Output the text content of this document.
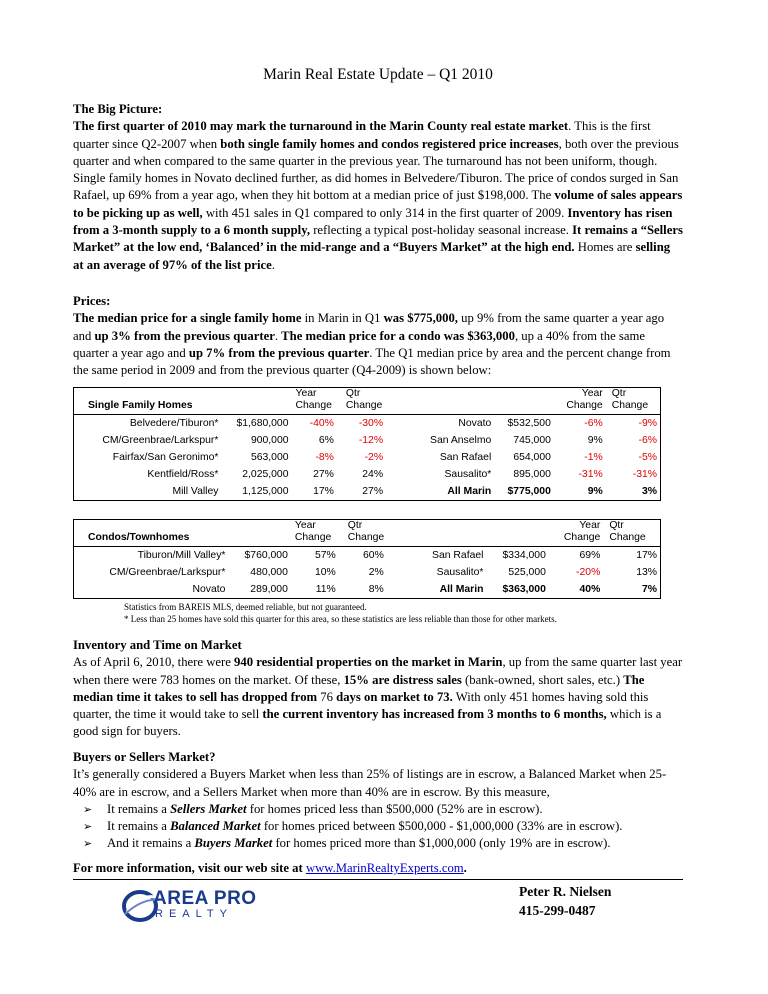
Marin Real Estate Update – Q1 2010
The Big Picture:

The first quarter of 2010 may mark the turnaround in the Marin County real estate market. This is the first quarter since Q2-2007 when both single family homes and condos registered price increases, both over the previous quarter and when compared to the same quarter in the previous year. The turnaround has not been uniform, though. Single family homes in Novato declined further, as did homes in Belvedere/Tiburon. The price of condos surged in San Rafael, up 69% from a year ago, when they hit bottom at a median price of just $198,000. The volume of sales appears to be picking up as well, with 451 sales in Q1 compared to only 314 in the first quarter of 2009. Inventory has risen from a 3-month supply to a 6 month supply, reflecting a typical post-holiday seasonal increase. It remains a “Sellers Market” at the low end, ‘Balanced’ in the mid-range and a “Buyers Market” at the high end. Homes are selling at an average of 97% of the list price.

Prices:

The median price for a single family home in Marin in Q1 was $775,000, up 9% from the same quarter a year ago and up 3% from the previous quarter. The median price for a condo was $363,000, up a 40% from the same quarter a year ago and up 7% from the previous quarter. The Q1 median price by area and the percent change from the same period in 2009 and from the previous quarter (Q4-2009) is shown below:

Single Family Homes		Year
Change	Qtr
Change			Year
Change	Qtr
Change
Belvedere/Tiburon*	$1,680,000	-40%	-30%	Novato	$532,500	-6%	-9%
CM/Greenbrae/Larkspur*	900,000	6%	-12%	San Anselmo	745,000	9%	-6%
Fairfax/San Geronimo*	563,000	-8%	-2%	San Rafael	654,000	-1%	-5%
Kentfield/Ross*	2,025,000	27%	24%	Sausalito*	895,000	-31%	-31%
Mill Valley	1,125,000	17%	27%	All Marin	$775,000	9%	3%
Condos/Townhomes		Year
Change	Qtr
Change			Year
Change	Qtr
Change
Tiburon/Mill Valley*	$760,000	57%	60%	San Rafael	$334,000	69%	17%
CM/Greenbrae/Larkspur*	480,000	10%	2%	Sausalito*	525,000	-20%	13%
Novato	289,000	11%	8%	All Marin	$363,000	40%	7%
Statistics from BAREIS MLS, deemed reliable, but not guaranteed.
* Less than 25 homes have sold this quarter for this area, so these statistics are less reliable than those for other markets.
Inventory and Time on Market

As of April 6, 2010, there were 940 residential properties on the market in Marin, up from the same quarter last year when there were 783 homes on the market. Of these, 15% are distress sales (bank-owned, short sales, etc.) The median time it takes to sell has dropped from 76 days on market to 73. With only 451 homes having sold this quarter, the time it would take to sell the current inventory has increased from 3 months to 6 months, which is a good sign for buyers.

Buyers or Sellers Market?

It’s generally considered a Buyers Market when less than 25% of listings are in escrow, a Balanced Market when 25-40% are in escrow, and a Sellers Market when more than 40% are in escrow. By this measure,

➢ It remains a Sellers Market for homes priced less than $500,000 (52% are in escrow).
➢ It remains a Balanced Market for homes priced between $500,000 - $1,000,000 (33% are in escrow).
➢ And it remains a Buyers Market for homes priced more than $1,000,000 (only 19% are in escrow).
For more information, visit our web site at www.MarinRealtyExperts.com.
AREA PRO
REALTY
Peter R. Nielsen
415-299-0487
